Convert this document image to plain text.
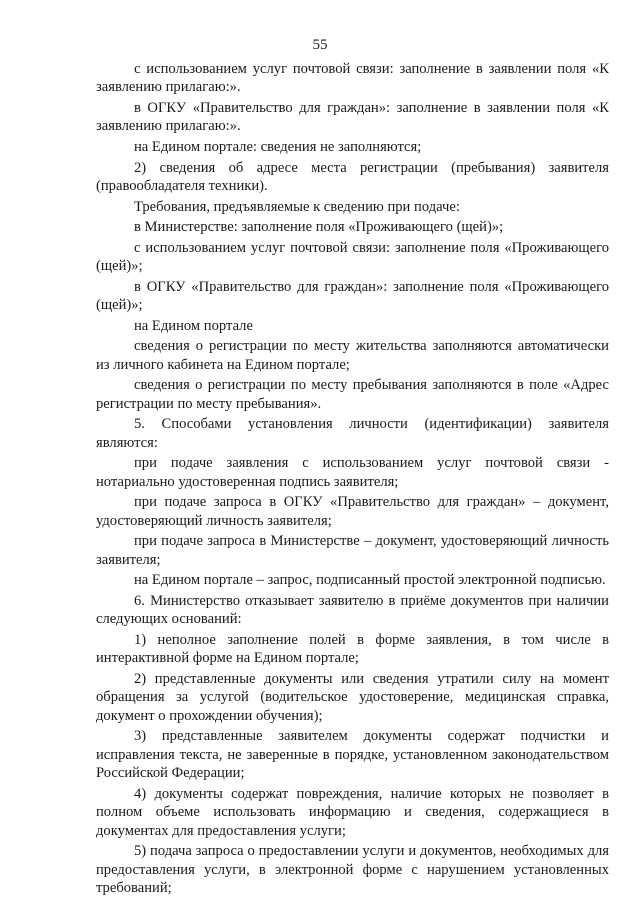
55

с использованием услуг почтовой связи: заполнение в заявлении поля «К заявлению прилагаю:».

в ОГКУ «Правительство для граждан»: заполнение в заявлении поля «К заявлению прилагаю:».

на Едином портале: сведения не заполняются;

2) сведения об адресе места регистрации (пребывания) заявителя (правообладателя техники).

Требования, предъявляемые к сведению при подаче:

в Министерстве: заполнение поля «Проживающего (щей)»;

с использованием услуг почтовой связи: заполнение поля «Проживающего (щей)»;

в ОГКУ «Правительство для граждан»: заполнение поля «Проживающего (щей)»;

на Едином портале

сведения о регистрации по месту жительства заполняются автоматически из личного кабинета на Едином портале;

сведения о регистрации по месту пребывания заполняются в поле «Адрес регистрации по месту пребывания».

5. Способами установления личности (идентификации) заявителя являются:

при подаче заявления с использованием услуг почтовой связи - нотариально удостоверенная подпись заявителя;

при подаче запроса в ОГКУ «Правительство для граждан» – документ, удостоверяющий личность заявителя;

при подаче запроса в Министерстве – документ, удостоверяющий личность заявителя;

на Едином портале – запрос, подписанный простой электронной подписью.

6. Министерство отказывает заявителю в приёме документов при наличии следующих оснований:

1) неполное заполнение полей в форме заявления, в том числе в интерактивной форме на Едином портале;

2) представленные документы или сведения утратили силу на момент обращения за услугой (водительское удостоверение, медицинская справка, документ о прохождении обучения);

3) представленные заявителем документы содержат подчистки и исправления текста, не заверенные в порядке, установленном законодательством Российской Федерации;

4) документы содержат повреждения, наличие которых не позволяет в полном объеме использовать информацию и сведения, содержащиеся в документах для предоставления услуги;

5) подача запроса о предоставлении услуги и документов, необходимых для предоставления услуги, в электронной форме с нарушением установленных требований;
